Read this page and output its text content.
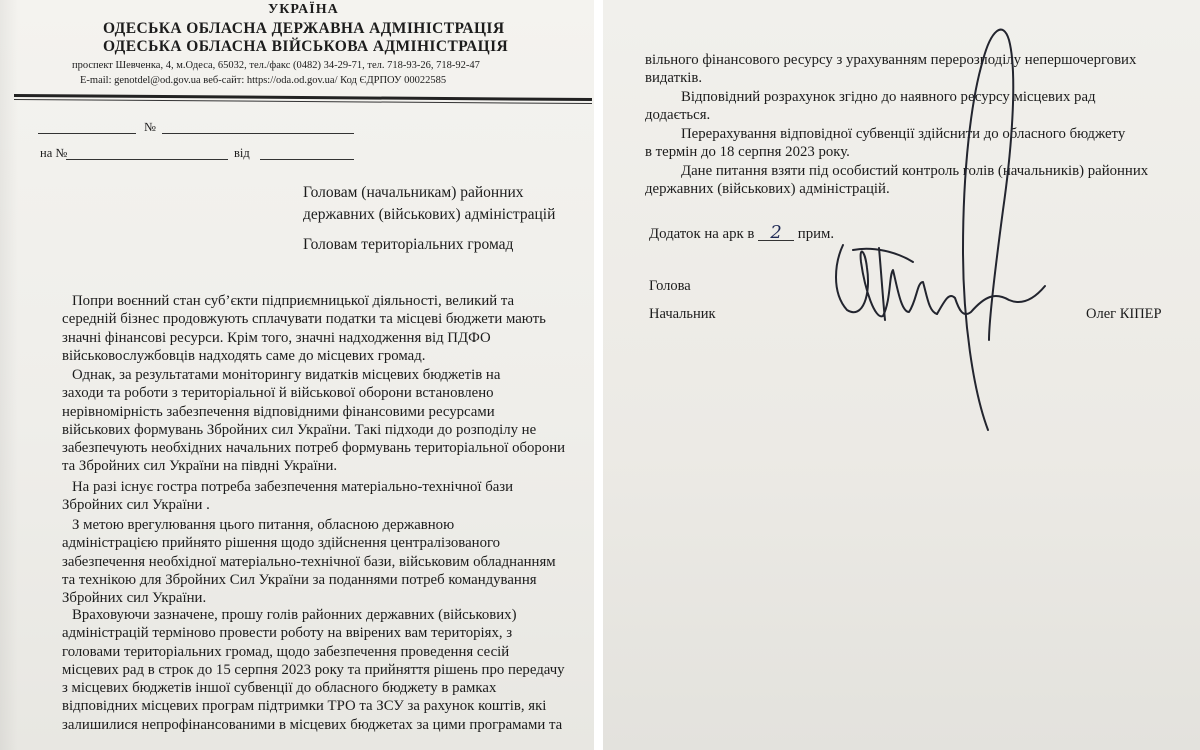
УКРАЇНА
ОДЕСЬКА ОБЛАСНА ДЕРЖАВНА АДМІНІСТРАЦІЯ
ОДЕСЬКА ОБЛАСНА ВІЙСЬКОВА АДМІНІСТРАЦІЯ
проспект Шевченка, 4, м.Одеса, 65032, тел./факс (0482) 34-29-71, тел. 718-93-26, 718-92-47
E-mail: genotdel@od.gov.ua веб-сайт: https://oda.od.gov.ua/ Код ЄДРПОУ 00022585
№
на №	від
Головам (начальникам) районних
державних (військових) адміністрацій
Головам територіальних громад
Попри воєнний стан суб’єкти підприємницької діяльності, великий та
середній бізнес продовжують сплачувати податки та місцеві бюджети мають
значні фінансові ресурси. Крім того, значні надходження від ПДФО
військовослужбовців надходять саме до місцевих громад.
Однак, за результатами моніторингу видатків місцевих бюджетів на
заходи та роботи з територіальної й військової оборони встановлено
нерівномірність забезпечення відповідними фінансовими ресурсами
військових формувань Збройних сил України. Такі підходи до розподілу не
забезпечують необхідних начальних потреб формувань територіальної оборони
та Збройних сил України на півдні України.
На разі існує гостра потреба забезпечення матеріально-технічної бази
Збройних сил України .
З метою врегулювання цього питання, обласною державною
адміністрацією прийнято рішення щодо здійснення централізованого
забезпечення необхідної матеріально-технічної бази, військовим обладнанням
та технікою для Збройних Сил України за поданнями потреб командування
Збройних сил України.
Враховуючи зазначене, прошу голів районних державних (військових)
адміністрацій терміново провести роботу на ввірених вам територіях, з
головами територіальних громад, щодо забезпечення проведення сесій
місцевих рад в строк до 15 серпня 2023 року та прийняття рішень про передачу
з місцевих бюджетів іншої субвенції до обласного бюджету в рамках
відповідних місцевих програм підтримки ТРО та ЗСУ за рахунок коштів, які
залишилися непрофінансованими в місцевих бюджетах за цими програмами та
вільного фінансового ресурсу з урахуванням перерозподілу непершочергових
видатків.
Відповідний розрахунок згідно до наявного ресурсу місцевих рад
додається.
Перерахування відповідної субвенції здійснити до обласного бюджету
в термін до 18 серпня 2023 року.
Дане питання взяти під особистий контроль голів (начальників) районних
державних (військових) адміністрацій.
Додаток на арк в 2 прим.
Голова
Начальник	Олег КІПЕР
